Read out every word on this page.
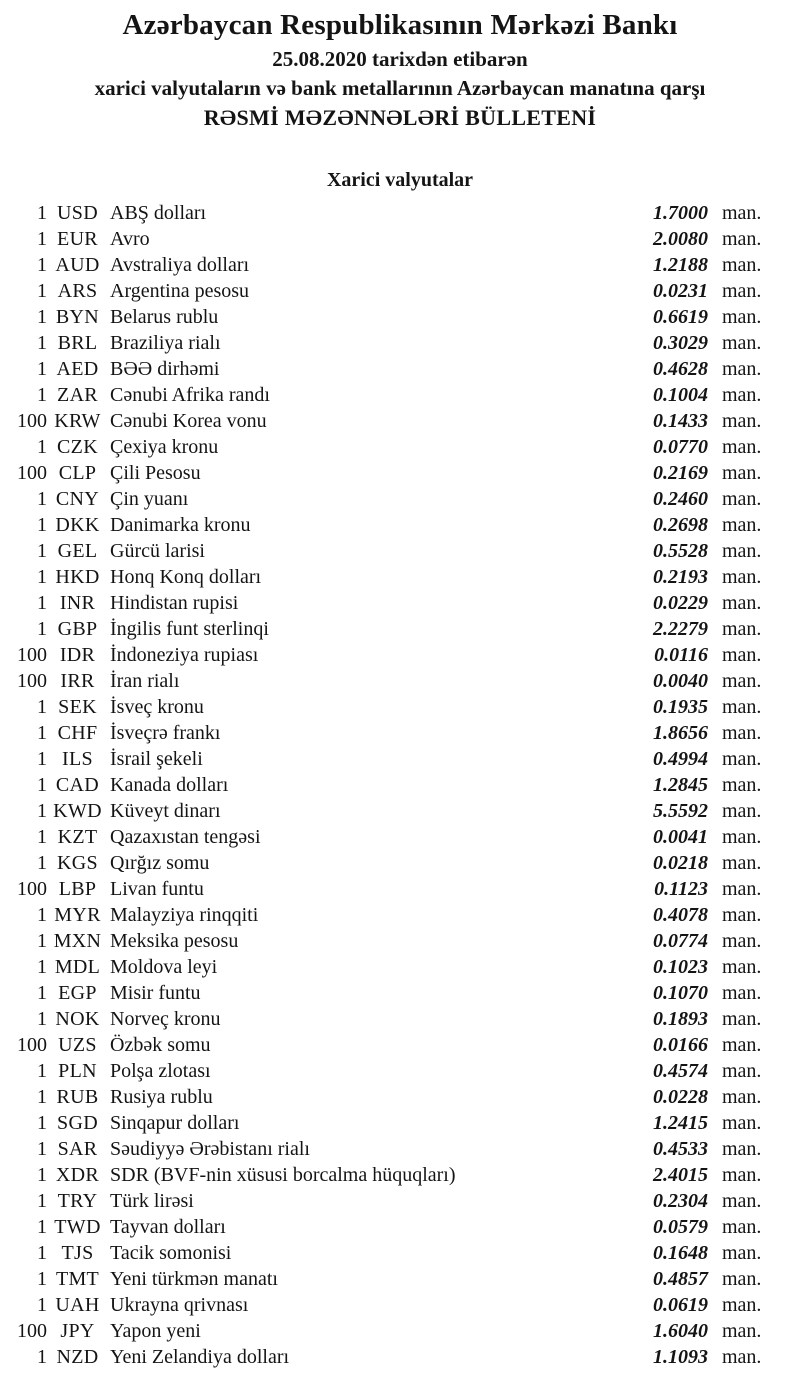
Azərbaycan Respublikasının Mərkəzi Bankı
25.08.2020 tarixdən etibarən
xarici valyutaların və bank metallarının Azərbaycan manatına qarşı
RƏSMİ MƏZƏNNƏLƏRİ BÜLLETENİ
Xarici valyutalar
1 USD ABŞ dolları	1.7000 man.
1 EUR Avro	2.0080 man.
1 AUD Avstraliya dolları	1.2188 man.
1 ARS Argentina pesosu	0.0231 man.
1 BYN Belarus rublu	0.6619 man.
1 BRL Braziliya rialı	0.3029 man.
1 AED BƏƏ dirhəmi	0.4628 man.
1 ZAR Cənubi Afrika randı	0.1004 man.
100 KRW Cənubi Korea vonu	0.1433 man.
1 CZK Çexiya kronu	0.0770 man.
100 CLP Çili Pesosu	0.2169 man.
1 CNY Çin yuanı	0.2460 man.
1 DKK Danimarka kronu	0.2698 man.
1 GEL Gürcü larisi	0.5528 man.
1 HKD Honq Konq dolları	0.2193 man.
1 INR Hindistan rupisi	0.0229 man.
1 GBP İngilis funt sterlinqi	2.2279 man.
100 IDR İndoneziya rupiası	0.0116 man.
100 IRR İran rialı	0.0040 man.
1 SEK İsveç kronu	0.1935 man.
1 CHF İsveçrə frankı	1.8656 man.
1 ILS İsrail şekeli	0.4994 man.
1 CAD Kanada dolları	1.2845 man.
1 KWD Küveyt dinarı	5.5592 man.
1 KZT Qazaxıstan tengəsi	0.0041 man.
1 KGS Qırğız somu	0.0218 man.
100 LBP Livan funtu	0.1123 man.
1 MYR Malayziya rinqqiti	0.4078 man.
1 MXN Meksika pesosu	0.0774 man.
1 MDL Moldova leyi	0.1023 man.
1 EGP Misir funtu	0.1070 man.
1 NOK Norveç kronu	0.1893 man.
100 UZS Özbək somu	0.0166 man.
1 PLN Polşa zlotası	0.4574 man.
1 RUB Rusiya rublu	0.0228 man.
1 SGD Sinqapur dolları	1.2415 man.
1 SAR Səudiyyə Ərəbistanı rialı	0.4533 man.
1 XDR SDR (BVF-nin xüsusi borcalma hüquqları)	2.4015 man.
1 TRY Türk lirəsi	0.2304 man.
1 TWD Tayvan dolları	0.0579 man.
1 TJS Tacik somonisi	0.1648 man.
1 TMT Yeni türkmən manatı	0.4857 man.
1 UAH Ukrayna qrivnası	0.0619 man.
100 JPY Yapon yeni	1.6040 man.
1 NZD Yeni Zelandiya dolları	1.1093 man.
